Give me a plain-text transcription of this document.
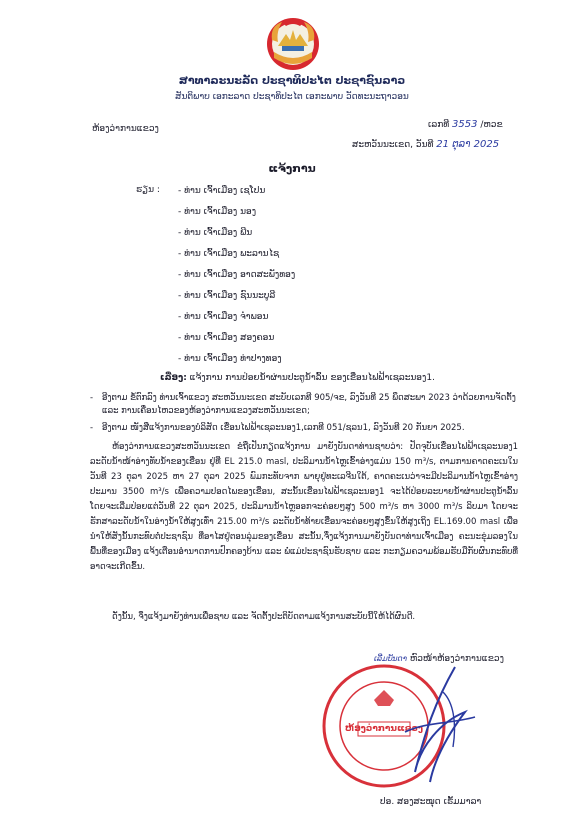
ສາທາລະນະລັດ ປະຊາທິປະໄຕ ປະຊາຊົນລາວ

ສັນຕິພາບ ເອກະລາດ ປະຊາທິປະໄຕ ເອກະພາບ ວັດທະນະຖາວອນ

ຫ້ອງວ່າການແຂວງ	ເລກທີ 3553 /ຫວຂ
ສະຫວັນນະເຂດ, ວັນທີ 21 ຕຸລາ 2025

ແຈ້ງການ

ຮຽນ : - ທ່ານ ເຈົ້າເມືອງ ເຊໂປນ
- ທ່ານ ເຈົ້າເມືອງ ນອງ
- ທ່ານ ເຈົ້າເມືອງ ພີນ
- ທ່ານ ເຈົ້າເມືອງ ພະລານໄຊ
- ທ່ານ ເຈົ້າເມືອງ ອາດສະພັງທອງ
- ທ່ານ ເຈົ້າເມືອງ ຊົນນະບູລີ
- ທ່ານ ເຈົ້າເມືອງ ຈຳພອນ
- ທ່ານ ເຈົ້າເມືອງ ສອງຄອນ
- ທ່ານ ເຈົ້າເມືອງ ທ່າປາງທອງ
ເລື່ອງ: ແຈ້ງການ ການປ່ອຍນ້ຳຜ່ານປະຕູນ້ຳລົ້ນ ຂອງເຂື່ອນໄຟຟ້າເຊລະນອງ1.
- ອີງຕາມ ຂໍ້ຕົກລົງ ທ່ານເຈົ້າແຂວງ ສະຫວັນນະເຂດ ສະບັບເລກທີ 905/ຈຂ, ລົງວັນທີ 25 ພຶດສະພາ 2023 ວ່າດ້ວຍການຈັດຕັ້ງ ແລະ ການເຄື່ອນໄຫວຂອງຫ້ອງວ່າການແຂວງສະຫວັນນະເຂດ;
- ອີງຕາມ ໜັງສືແຈ້ງການຂອງບໍລິສັດ ເຂື່ອນໄຟຟ້າເຊລະນອງ1,ເລກທີ 051/ຊລນ1, ລົງວັນທີ 20 ກັນຍາ 2025.

ຫ້ອງວ່າການແຂວງສະຫວັນນະເຂດ ຂໍຖືເປັນກຽດແຈ້ງການ ມາຍັງບັນດາທ່ານຊາບວ່າ: ປັດຈຸບັນເຂື່ອນໄຟຟ້າເຊລະນອງ1 ລະດັບນ້ຳໜ້າອ່າງທັບນ້ຳຂອງເຂື່ອນ ຢູ່ທີ່ EL 215.0 masl, ປະລິມານນ້ຳໄຫຼເຂົ້າອ່າງແມ່ນ 150 m³/s, ຕາມການຄາດຄະເນໃນວັນທີ 23 ຕຸລາ 2025 ຫາ 27 ຕຸລາ 2025 ພົມກະທັບຈາກ ພາຍຸຢູ່ທະເລຈີນໃຕ້, ຄາດຄະເນວ່າຈະມີປະລິມານນ້ຳໄຫຼເຂົ້າອ່າງປະມານ 3500 m³/s ເພື່ອຄວາມປອດໄພຂອງເຂື່ອນ, ສະນັ້ນເຂື່ອນໄຟຟ້າເຊລະນອງ1 ຈະໄດ້ປ່ອຍລະບາຍນ້ຳຜ່ານປະຕູນ້ຳລົ້ນ ໂດຍຈະເລີ່ມປ່ອຍແຕ່ວັນທີ 22 ຕຸລາ 2025, ປະລິມານນ້ຳໄຫຼອອກຈະຄ່ອຍໆສູງ 500 m³/s ຫາ 3000 m³/s ລິບມາ ໂດຍຈະຮັກສາລະດັບນ້ຳໃນອ່າງນ້ຳໃຫ້ສູງເທົ່າ 215.00 m³/s ລະດັບນ້ຳທ້າຍເຂື່ອນຈະຄ່ອຍໆສູງຂຶ້ນໃຫ້ສູງເຖິງ EL.169.00 masl ເພື່ອນໍາໃຫ້ສັງນັ້ນກະທົບຕໍ່ປະຊາຊົນ ທີ່ອາໄສຢູ່ຕອນລຸ່ມຂອງເຂື່ອນ ສະນັ້ນ,ຈຶ່ງແຈ້ງການມາຍັງບັນດາທ່ານເຈົ້າເມືອງ ຄະນະຂຸ່ມລອງໃນພື້ນທີ່ຂອງເມືອງ ແຈ້ງເຕືອນອຳນາດການປົກຄອງບ້ານ ແລະ ພໍ່ແມ່ປະຊາຊົນຮັບຊາບ ແລະ ກະກຽມຄວາມພ້ອມຮັບມືກັບຜົນກະທົບທີ່ອາດຈະເກີດຂຶ້ນ.

ດັ່ງນັ້ນ, ຈຶ່ງແຈ້ງມາຍັງທ່ານເພື່ອຊາບ ແລະ ຈັດຕັ້ງປະຕິບັດຕາມແຈ້ງການສະບັບນີ້ໃຫ້ໄດ້ຜົນດີ.

ຫ້ອງວ່າການແຂວງ
ເລີ່ມບັນດາ ຫົວໜ້າຫ້ອງວ່າການແຂວງ
ປອ. ສອງສະໝຸດ ເຮັ້ມມາລາ
